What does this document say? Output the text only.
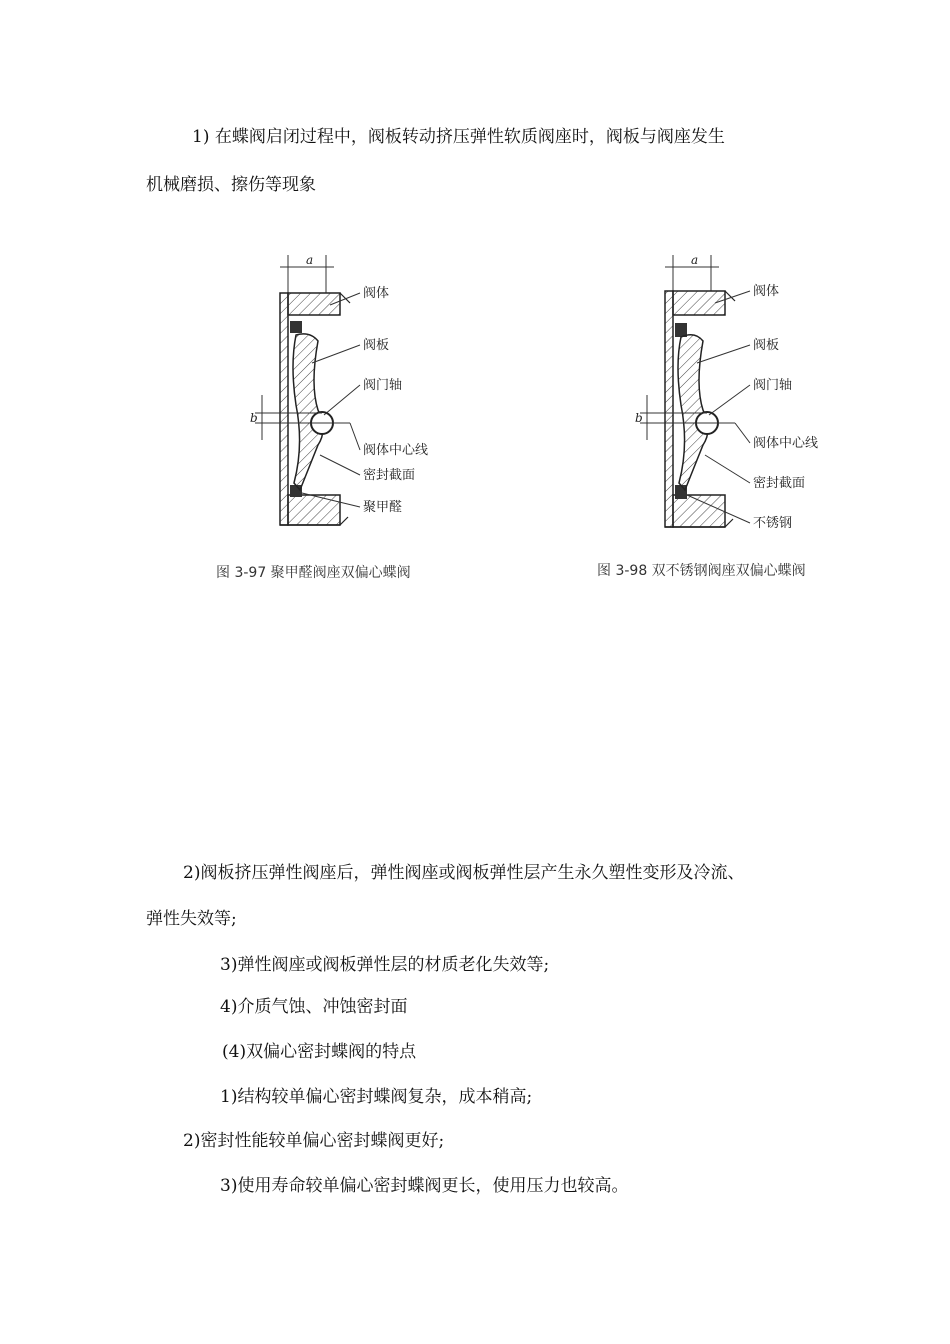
1) 在蝶阀启闭过程中，阀板转动挤压弹性软质阀座时，阀板与阀座发生
机械磨损、擦伤等现象
a
b
阀体
阀板
阀门轴
阀体中心线
密封截面
聚甲醛
图 3-97 聚甲醛阀座双偏心蝶阀
a
b
阀体
阀板
阀门轴
阀体中心线
密封截面
不锈钢
图 3-98 双不锈钢阀座双偏心蝶阀
2)阀板挤压弹性阀座后，弹性阀座或阀板弹性层产生永久塑性变形及冷流、
弹性失效等;
3)弹性阀座或阀板弹性层的材质老化失效等;
4)介质气蚀、冲蚀密封面
(4)双偏心密封蝶阀的特点
1)结构较单偏心密封蝶阀复杂，成本稍高;
2)密封性能较单偏心密封蝶阀更好;
3)使用寿命较单偏心密封蝶阀更长，使用压力也较高。
